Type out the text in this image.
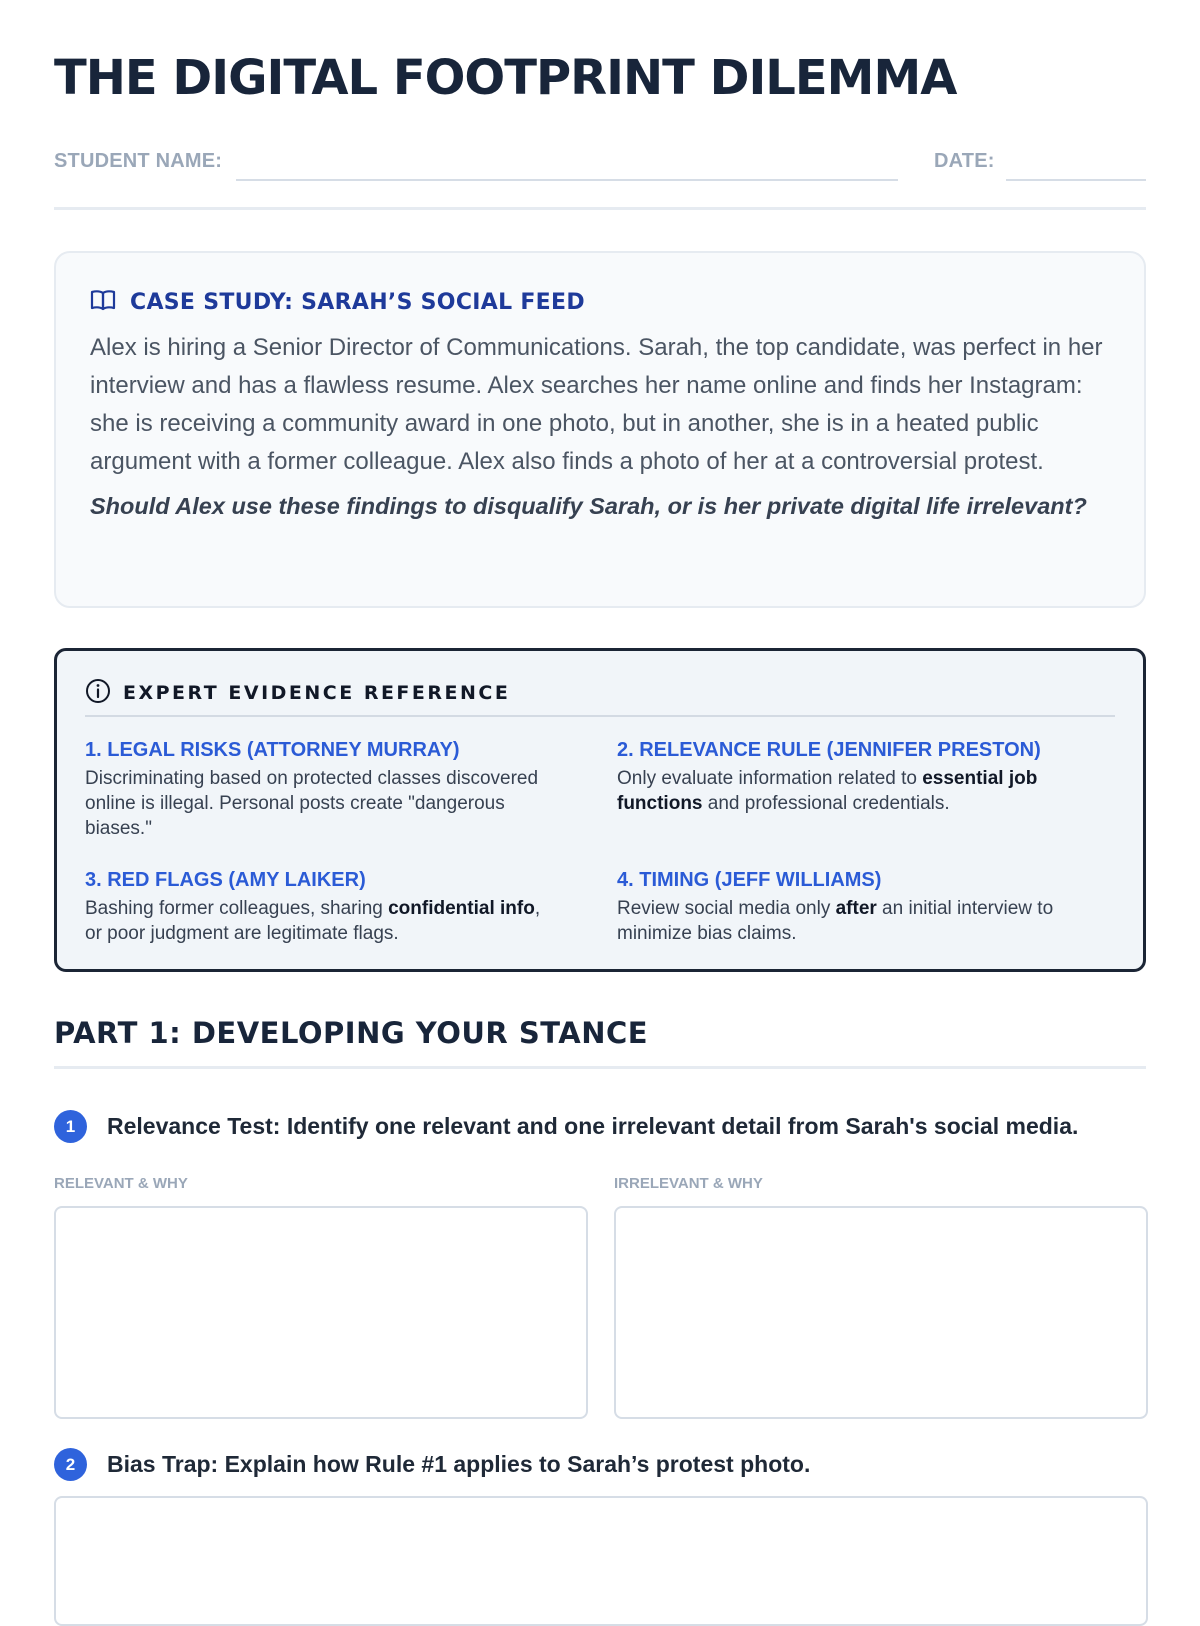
THE DIGITAL FOOTPRINT DILEMMA
STUDENT NAME:	DATE:
CASE STUDY: SARAH’S SOCIAL FEED

Alex is hiring a Senior Director of Communications. Sarah, the top candidate, was perfect in her interview and has a flawless resume. Alex searches her name online and finds her Instagram: she is receiving a community award in one photo, but in another, she is in a heated public argument with a former colleague. Alex also finds a photo of her at a controversial protest.

Should Alex use these findings to disqualify Sarah, or is her private digital life irrelevant?

EXPERT EVIDENCE REFERENCE
1. LEGAL RISKS (ATTORNEY MURRAY)

Discriminating based on protected classes discovered online is illegal. Personal posts create "dangerous biases."

2. RELEVANCE RULE (JENNIFER PRESTON)

Only evaluate information related to essential job functions and professional credentials.

3. RED FLAGS (AMY LAIKER)

Bashing former colleagues, sharing confidential info, or poor judgment are legitimate flags.

4. TIMING (JEFF WILLIAMS)

Review social media only after an initial interview to minimize bias claims.

PART 1: DEVELOPING YOUR STANCE
1	Relevance Test: Identify one relevant and one irrelevant detail from Sarah's social media.
RELEVANT & WHY	IRRELEVANT & WHY
2	Bias Trap: Explain how Rule #1 applies to Sarah’s protest photo.
